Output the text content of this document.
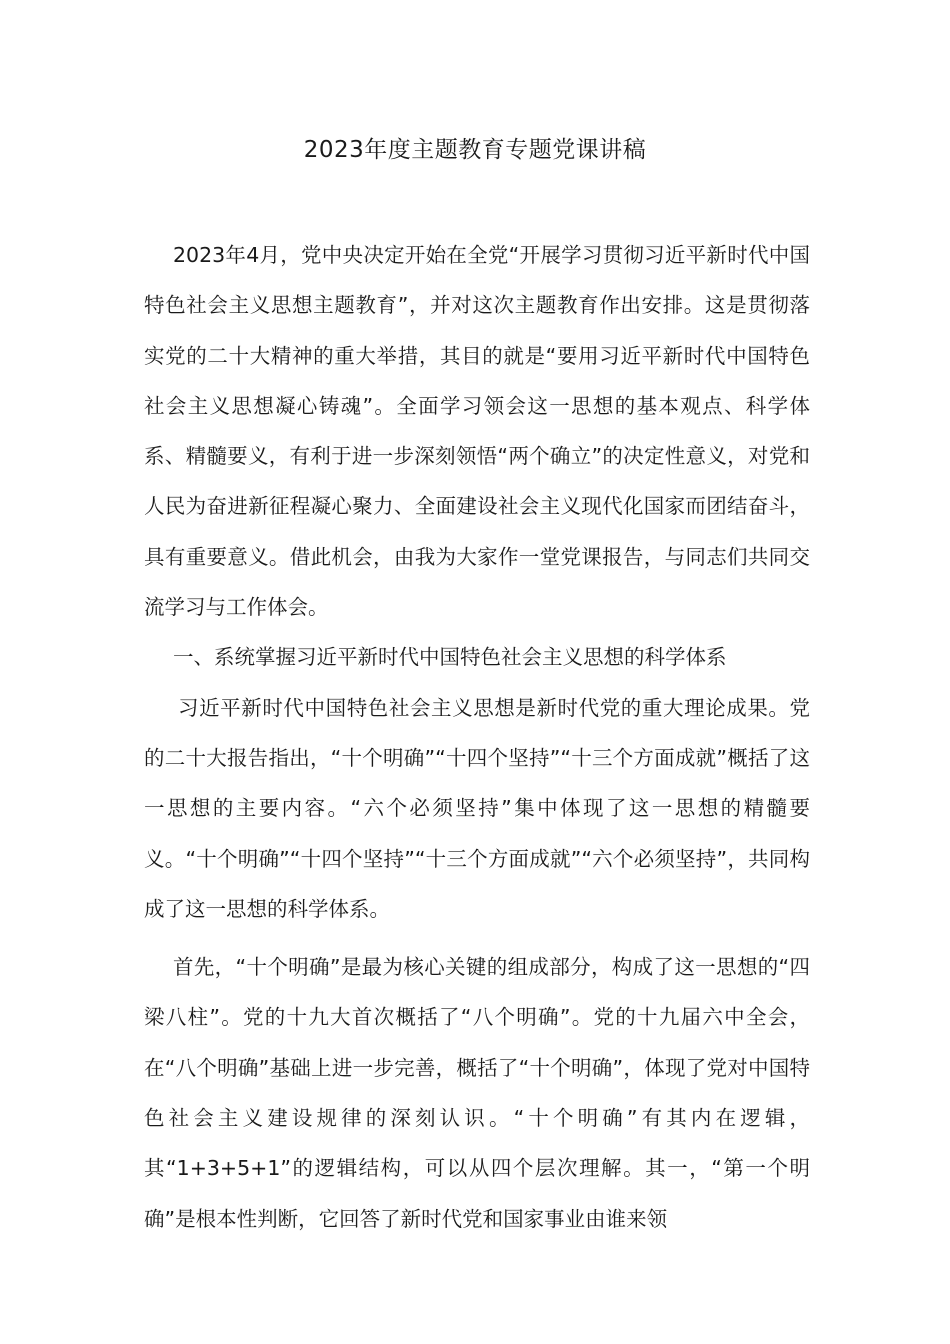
2023年度主题教育专题党课讲稿

2023年4月，党中央决定开始在全党“开展学习贯彻习近平新时代中国特色社会主义思想主题教育”，并对这次主题教育作出安排。这是贯彻落实党的二十大精神的重大举措，其目的就是“要用习近平新时代中国特色社会主义思想凝心铸魂”。全面学习领会这一思想的基本观点、科学体系、精髓要义，有利于进一步深刻领悟“两个确立”的决定性意义，对党和人民为奋进新征程凝心聚力、全面建设社会主义现代化国家而团结奋斗，具有重要意义。借此机会，由我为大家作一堂党课报告，与同志们共同交流学习与工作体会。

一、系统掌握习近平新时代中国特色社会主义思想的科学体系

习近平新时代中国特色社会主义思想是新时代党的重大理论成果。党的二十大报告指出，“十个明确”“十四个坚持”“十三个方面成就”概括了这一思想的主要内容。“六个必须坚持”集中体现了这一思想的精髓要义。“十个明确”“十四个坚持”“十三个方面成就”“六个必须坚持”，共同构成了这一思想的科学体系。

首先，“十个明确”是最为核心关键的组成部分，构成了这一思想的“四梁八柱”。党的十九大首次概括了“八个明确”。党的十九届六中全会，在“八个明确”基础上进一步完善，概括了“十个明确”，体现了党对中国特色社会主义建设规律的深刻认识。“十个明确”有其内在逻辑，其“1+3+5+1”的逻辑结构，可以从四个层次理解。其一，“第一个明确”是根本性判断，它回答了新时代党和国家事业由谁来领
